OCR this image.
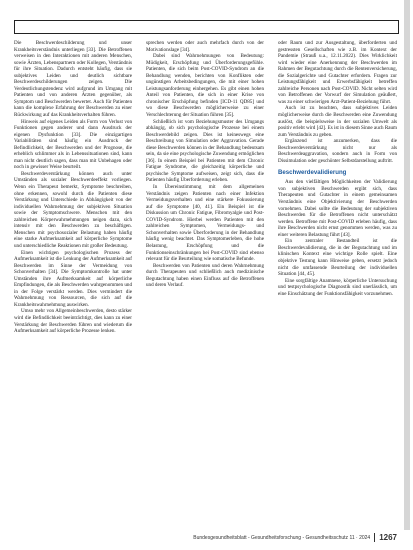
Die Beschwerdeschilderung und unser Krankheitsverständnis unterliegen [33]. Die Betroffenen verweisen in den Interaktionen mit anderen Menschen, sowie Ärzten, Lebenspartnern oder Kollegen, Verständnis für ihre Situation. Dadurch entsteht häufig, dass sie subjektives Leiden und deutlich sichtbare Beschwerdeschilderungen zeigen. Die Verdeutlichungstendenz wird aufgrund im Umgang mit Patienten und von anderen Ärzten gegenüber, als Symptom und Beschwerden bewertet. Auch für Patienten kann die komplexe Erfahrung der Beschwerden zu einer Rückwirkung auf das Krankheitsverhalten führen.

Hinweis auf eigenes Leiden als Form von Verlust von Funktionen gegen anderer und dann Ausdruck der eigenen Dysfunktion [33]. Die einzigartigen Variabilitäten sind häufig ein Ausdruck der Befindlichkeit, der Beschwerden und der Prognose, die erheblich schlimmer als in Lebenssituationen sind, kann man nicht deutlich sagen, dass man mit Unbehagen oder noch in gewisser Weise beurteilt.

Beschwerdeverstärkung können auch unter Umständen als sozialer Beschwerdeeffekt vorliegen. Wenn ein Therapeut bemerkt, Symptome beschreiben, ohne erkennen, sowohl durch die Patienten diese Verstärkung und Unterschiede in Abhängigkeit von der individuellen Wahrnehmung der subjektiven Situation sowie der Symptomschwere. Menschen mit den zahlreichen Körperwahrnehmungen neigen dazu, sich intensiv mit den Beschwerden zu beschäftigen. Menschen mit psychosozialer Belastung haben häufig eine starke Aufmerksamkeit auf körperliche Symptome und unterschiedliche Reaktionen mit großer Bedeutung.

Einen wichtigen psychologischen Prozess der Aufmerksamkeit ist die Lenkung der Aufmerksamkeit auf Beschwerden im Sinne der Vermeidung von Schonverhalten [34]. Die Symptomkontrolle hat unter Umständen ihre Aufmerksamkeit auf körperliche Empfindungen, die als Beschwerden wahrgenommen und in der Folge verstärkt werden. Dies vermindert die Wahrnehmung von Ressourcen, die sich auf die Krankheitswahrnehmung auswirken.

Umso mehr von Allgemeinbeschwerden, desto stärker wird die Befindlichkeit beeinträchtigt, dies kann zu einer Verstärkung der Beschwerden führen und wiederum die Aufmerksamkeit auf körperliche Prozesse lenken.

sprechen werden oder auch mehrfach durch von der Motivationslage [34].

Dabei sind Wahrnehmungen von Bedeutung: Müdigkeit, Erschöpfung und Überforderungsgefühle. Patienten, die sich beim Post-COVID-Syndrom an die Behandlung wenden, berichten von Konflikten oder ungünstigen Arbeitsbedingungen, die mit einer hohen Leistungsanforderung einhergehen. Es gibt einen hohen Anteil von Patienten, die sich in einer Krise von chronischer Erschöpfung befinden [ICD-11 QD85] und wo diese Beschwerden möglicherweise zu einer Verschlechterung der Situation führen [35].

Schließlich ist vom Beziehungsmuster des Umgangs abhängig, ob sich psychologische Prozesse bei einem Beschwerdebild zeigen. Dies ist keineswegs eine Beschreibung von Simulation oder Aggravation. Gerade diese Beschwerden können in der Behandlung bedeutsam sein, da sie eine psychologische Zuwendung ermöglichen [36]. In einem Beispiel bei Patienten mit dem Chronic Fatigue Syndrome, die gleichzeitig körperliche und psychische Symptome aufweisen, zeigt sich, dass die Patienten häufig Überforderung erleben.

In Übereinstimmung mit dem allgemeinen Verständnis zeigen Patienten nach einer Infektion Vermeidungsverhalten und eine stärkere Fokussierung auf die Symptome [40, 41]. Ein Beispiel ist die Diskussion um Chronic Fatigue, Fibromyalgie und Post-COVID-Syndrom. Hierbei werden Patienten mit den zahlreichen Symptomen, Vermeidungs- und Schonverhalten sowie Überforderung in der Behandlung häufig wenig beachtet. Das Symptomerleben, die hohe Belastung, Erschöpfung und die Funktionseinschränkungen bei Post-COVID sind ebenso relevant für die Beurteilung wie somatische Befunde.

Beschwerden von Patienten und deren Wahrnehmung durch Therapeuten und schließlich auch medizinische Begutachtung haben einen Einfluss auf die Betroffenen und deren Verlauf.

oder Raum und zur Ausgestaltung, überforderten und gestressten Gesellschaften wie z.B. im Kontext der Pandemie (Strauß u.a., 12.11.2022). Dies Wirklichkeit wird wieder eine Anerkennung der Beschwerden im Rahmen der Begutachtung durch die Rentenversicherung, die Sozialgerichte und Gutachter erfordern. Fragen zur Leistungsfähigkeit und Erwerbsfähigkeit betreffen zahlreiche Personen nach Post-COVID. Nicht selten wird von Betroffenen der Vorwurf der Simulation geäußert, was zu einer schwierigen Arzt-Patient-Beziehung führt.

Auch ist zu beachten, dass subjektives Leiden möglicherweise durch die Beschwerden eine Zuwendung auslöst, die beispielsweise in der sozialen Umwelt als positiv erlebt wird [42]. Es ist in diesem Sinne auch Raum zum Verständnis zu geben.

Ergänzend ist anzumerken, dass die Beschwerdeverstärkung nicht nur als Beschwerdeaggravation, sondern auch in Form von Dissimulation oder geschönter Selbstdarstellung auftritt.

Beschwerdevalidierung

Aus den vielfältigen Möglichkeiten der Validierung von subjektiven Beschwerden ergibt sich, dass Therapeuten und Gutachter in einem gemeinsamen Verständnis eine Objektivierung der Beschwerden vornehmen. Dabei sollte die Bedeutung der subjektiven Beschwerden für die Betroffenen nicht unterschätzt werden. Betroffene mit Post-COVID erleben häufig, dass ihre Beschwerden nicht ernst genommen werden, was zu einer weiteren Belastung führt [43].

Ein zentraler Bestandteil ist die Beschwerdevalidierung, die in der Begutachtung und im klinischen Kontext eine wichtige Rolle spielt. Eine objektive Testung kann Hinweise geben, ersetzt jedoch nicht die umfassende Beurteilung der individuellen Situation [44, 45].

Eine sorgfältige Anamnese, körperliche Untersuchung und testpsychologische Diagnostik sind unerlässlich, um eine Einschätzung der Funktionsfähigkeit vorzunehmen.

Bundesgesundheitsblatt - Gesundheitsforschung - Gesundheitsschutz 11 · 2024	1267
